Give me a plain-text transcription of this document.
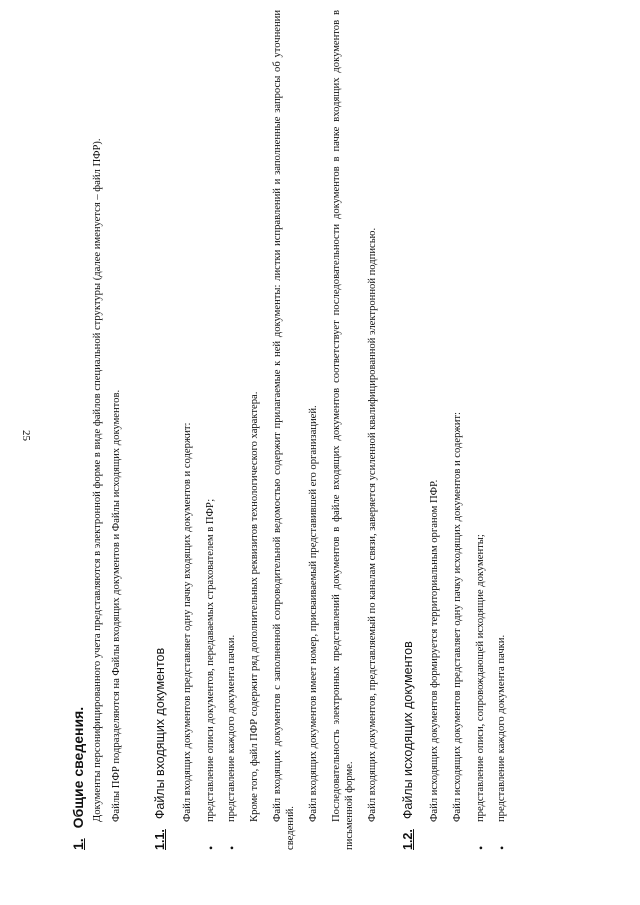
25
1.Общие сведения. Документы персонифицированного учета представляются в электронной форме в виде файлов специальной структуры (далее именуется – файл ПФР). Файлы ПФР подразделяются на Файлы входящих документов и Файлы исходящих документов.

1.1.Файлы входящих документов Файл входящих документов представляет одну пачку входящих документов и содержит: • представление описи документов, передаваемых страхователем в ПФР; • представление каждого документа пачки. Кроме того, файл ПФР содержит ряд дополнительных реквизитов технологического характера. Файл входящих документов с заполненной сопроводительной ведомостью содержит прилагаемые к ней документы: листки исправлений и заполненные запросы об уточнении сведений.

Файл входящих документов имеет номер, присваиваемый представившей его организацией. Последовательность электронных представлений документов в файле входящих документов соответствует последовательности документов в пачке входящих документов в письменной форме. Файл входящих документов, представляемый по каналам связи, заверяется усиленной квалифицированной электронной подписью.

1.2.Файлы исходящих документов Файл исходящих документов формируется территориальным органом ПФР. Файл исходящих документов представляет одну пачку исходящих документов и содержит: • представление описи, сопровождающей исходящие документы; • представление каждого документа пачки.
